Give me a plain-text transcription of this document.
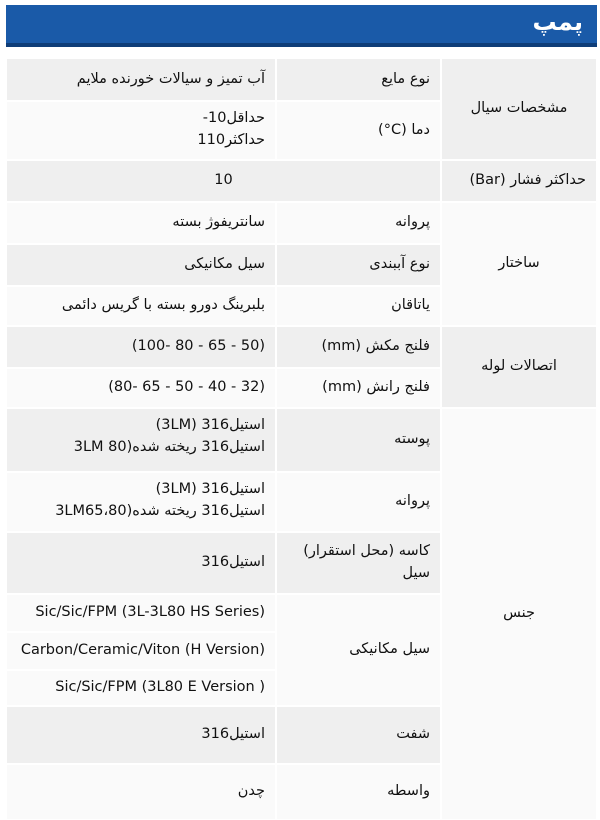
پمپ
مشخصات سیال
نوع مایع
آب تمیز و سیالات خورنده ملایم
دما (C°)
حداقل10-
حداکثر110
حداکثر فشار (Bar)
10
ساختار
پروانه
سانتریفوژ بسته
نوع آببندی
سیل مکانیکی
یاتاقان
بلبرینگ دورو بسته با گریس دائمی
اتصالات لوله
فلنج مکش (mm)
(50 - 65 - 80 -100)
فلنج رانش (mm)
(32 - 40 - 50 - 65 -80)
جنس
پوسته
استیل316 (3LM)
استیل316 ریخته شده(3LM 80
پروانه
استیل316 (3LM)
استیل316 ریخته شده(3LM65،80
کاسه (محل استقرار) سیل
استیل316
سیل مکانیکی
Sic/Sic/FPM (3L-3L80 HS Series)
Carbon/Ceramic/Viton (H Version)
Sic/Sic/FPM (3L80 E Version )
شفت
استیل316
واسطه
چدن
